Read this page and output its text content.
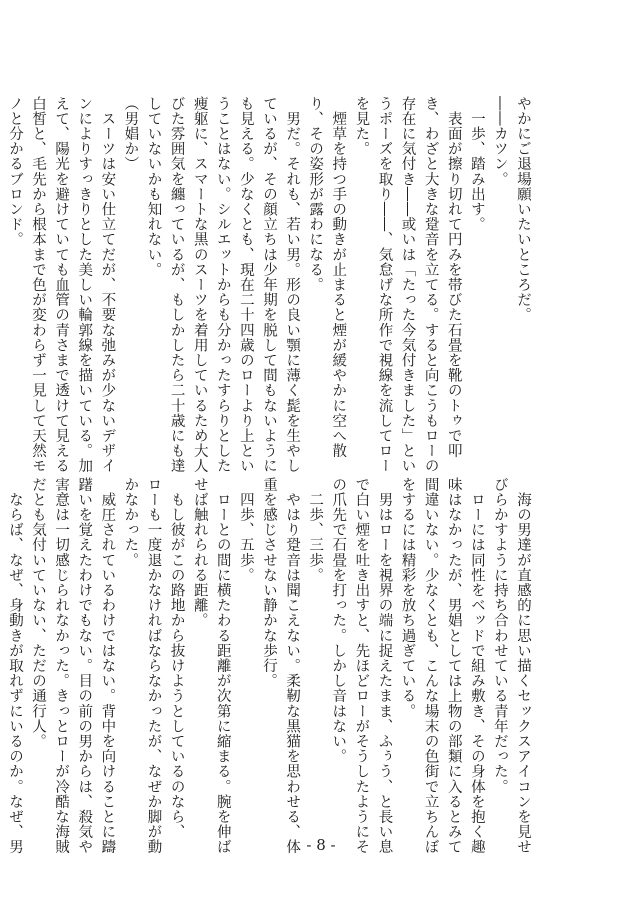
やかにご退場願いたいところだ。
――カツン。
　一歩、踏み出す。
　表面が擦り切れて円みを帯びた石畳を靴のトゥで叩
き、わざと大きな跫音を立てる。すると向こうもローの
存在に気付き――或いは「たった今気付きました」とい
うポーズを取り――、気怠げな所作で視線を流してロー
を見た。
　煙草を持つ手の動きが止まると煙が緩やかに空へ散
り、その姿形が露わになる。
　男だ。それも、若い男。形の良い顎に薄く髭を生やし
ているが、その顔立ちは少年期を脱して間もないように
も見える。少なくとも、現在二十四歳のローより上とい
うことはない。シルエットからも分かったすらりとした
痩躯に、スマートな黒のスーツを着用しているため大人
びた雰囲気を纏っているが、もしかしたら二十歳にも達
していないかも知れない。
（男娼か）
　スーツは安い仕立てだが、不要な弛みが少ないデザイ
ンによりすっきりとした美しい輪郭線を描いている。加
えて、陽光を避けていても血管の青さまで透けて見える
白皙と、毛先から根本まで色が変わらず一見して天然モ
ノと分かるブロンド。
　海の男達が直感的に思い描くセックスアイコンを見せ
びらかすように持ち合わせている青年だった。
　ローには同性をベッドで組み敷き、その身体を抱く趣
味はなかったが、男娼としては上物の部類に入るとみて
間違いない。少なくとも、こんな場末の色街で立ちんぼ
をするには精彩を放ち過ぎている。
　男はローを視界の端に捉えたまま、ふぅう、と長い息
で白い煙を吐き出すと、先ほどローがそうしたようにそ
の爪先で石畳を打った。しかし音はない。
　二歩、三歩。
　やはり跫音は聞こえない。柔靭な黒猫を思わせる、体
重を感じさせない静かな歩行。
　四歩、五歩。
　ローとの間に横たわる距離が次第に縮まる。腕を伸ば
せば触れられる距離。
　もし彼がこの路地から抜けようとしているのなら、
ローも一度退かなければならなかったが、なぜか脚が動
かなかった。
　威圧されているわけではない。背中を向けることに躊
躇いを覚えたわけでもない。目の前の男からは、殺気や
害意は一切感じられなかった。きっとローが冷酷な海賊
だとも気付いていない、ただの通行人。
　ならば、なぜ、身動きが取れずにいるのか。なぜ、男	- 8 -
